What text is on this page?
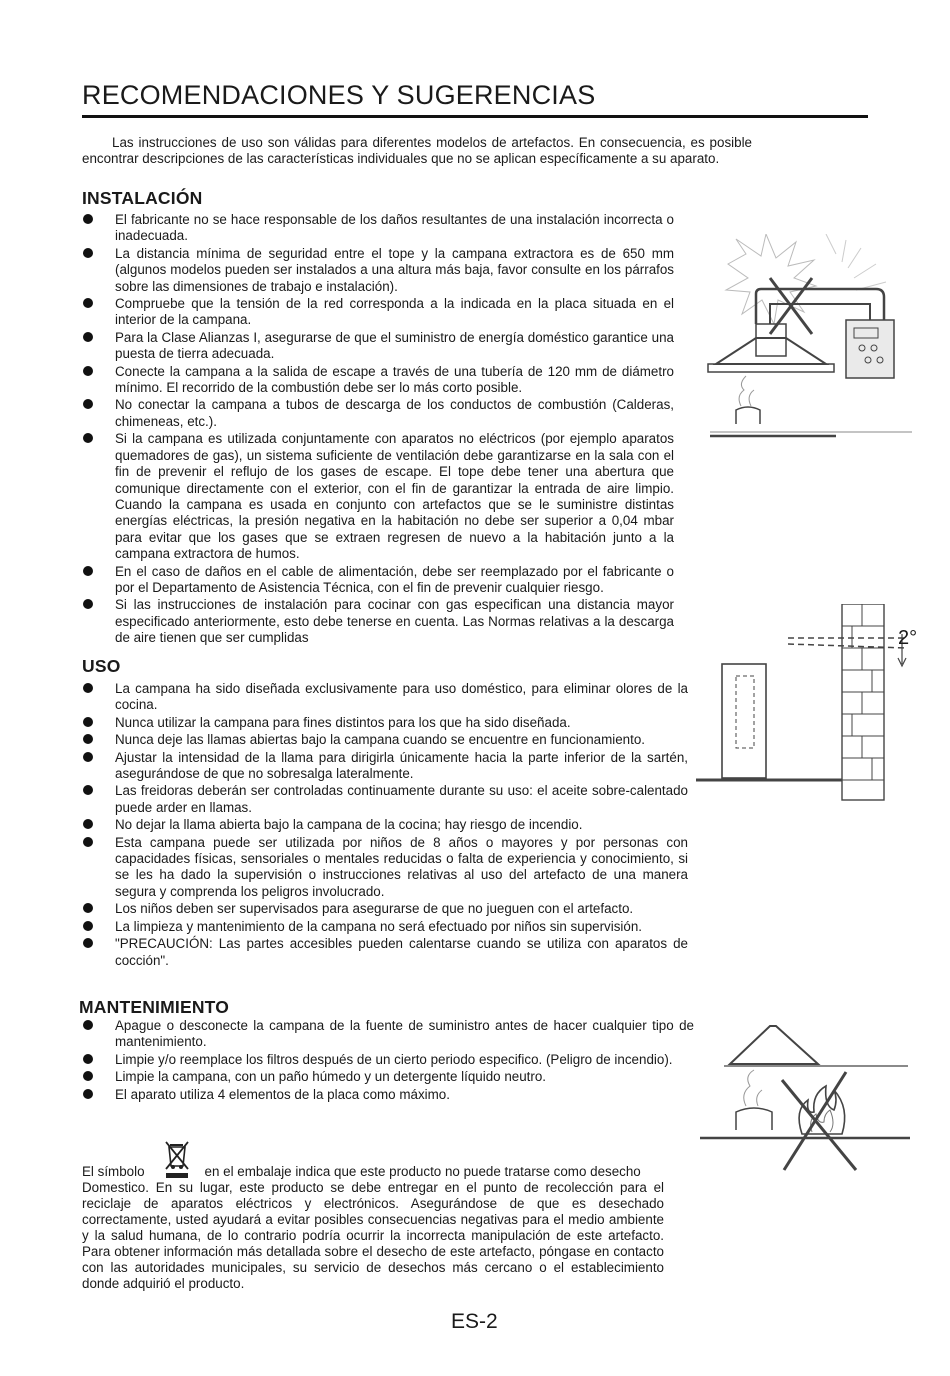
RECOMENDACIONES Y SUGERENCIAS
Las instrucciones de uso son válidas para diferentes modelos de artefactos. En consecuencia, es posible encontrar descripciones de las características individuales que no se aplican específicamente a su aparato.
INSTALACIÓN
El fabricante no se hace responsable de los daños resultantes de una instalación incorrecta o inadecuada.
La distancia mínima de seguridad entre el tope y la campana extractora es de 650 mm (algunos modelos pueden ser instalados a una altura más baja, favor consulte en los párrafos sobre las dimensiones de trabajo e instalación).
Compruebe que la tensión de la red corresponda a la indicada en la placa situada en el interior de la campana.
Para la Clase Alianzas I, asegurarse de que el suministro de energía doméstico garantice una puesta de tierra adecuada.
Conecte la campana a la salida de escape a través de una tubería de 120 mm de diámetro mínimo. El recorrido de la combustión debe ser lo más corto posible.
No conectar la campana a tubos de descarga de los conductos de combustión (Calderas, chimeneas, etc.).
Si la campana es utilizada conjuntamente con aparatos no eléctricos (por ejemplo aparatos quemadores de gas), un sistema suficiente de ventilación debe garantizarse en la sala con el fin de prevenir el reflujo de los gases de escape. El tope debe tener una abertura que comunique directamente con el exterior, con el fin de garantizar la entrada de aire limpio. Cuando la campana es usada en conjunto con artefactos que se le suministre distintas energías eléctricas, la presión negativa en la habitación no debe ser superior a 0,04 mbar para evitar que los gases que se extraen regresen de nuevo a la habitación junto a la campana extractora de humos.
En el caso de daños en el cable de alimentación, debe ser reemplazado por el fabricante o por el Departamento de Asistencia Técnica, con el fin de prevenir cualquier riesgo.
Si las instrucciones de instalación para cocinar con gas especifican una distancia mayor especificado anteriormente, esto debe tenerse en cuenta. Las Normas relativas a la descarga de aire tienen que ser cumplidas
USO
La campana ha sido diseñada exclusivamente para uso doméstico, para eliminar olores de la cocina.
Nunca utilizar la campana para fines distintos para los que ha sido diseñada.
Nunca deje las llamas abiertas bajo la campana cuando se encuentre en funcionamiento.
Ajustar la intensidad de la llama para dirigirla únicamente hacia la parte inferior de la sartén, asegurándose de que no sobresalga lateralmente.
Las freidoras deberán ser controladas continuamente durante su uso: el aceite sobre-calentado puede arder en llamas.
No dejar la llama abierta bajo la campana de la cocina; hay riesgo de incendio.
Esta campana puede ser utilizada por niños de 8 años o mayores y por personas con capacidades físicas, sensoriales o mentales reducidas o falta de experiencia y conocimiento, si se les ha dado la supervisión o instrucciones relativas al uso del artefacto de una manera segura y comprenda los peligros involucrado.
Los niños deben ser supervisados para asegurarse de que no jueguen con el artefacto.
La limpieza y mantenimiento de la campana no será efectuado por niños sin supervisión.
"PRECAUCIÓN: Las partes accesibles pueden calentarse cuando se utiliza con aparatos de cocción".
MANTENIMIENTO
Apague o desconecte la campana de la fuente de suministro antes de hacer cualquier tipo de mantenimiento.
Limpie y/o reemplace los filtros después de un cierto periodo especifico. (Peligro de incendio).
Limpie la campana, con un paño húmedo y un detergente líquido neutro.
El aparato utiliza 4 elementos de la placa como máximo.
El símbolo	en el embalaje indica que este producto no puede tratarse como desecho
Domestico. En su lugar, este producto se debe entregar en el punto de recolección para el reciclaje de aparatos eléctricos y electrónicos. Asegurándose de que es desechado correctamente, usted ayudará a evitar posibles consecuencias negativas para el medio ambiente y la salud humana, de lo contrario podría ocurrir la incorrecta manipulación de este artefacto. Para obtener información más detallada sobre el desecho de este artefacto, póngase en contacto con las autoridades municipales, su servicio de desechos más cercano o el establecimiento donde adquirió el producto.
ES-2
2°
